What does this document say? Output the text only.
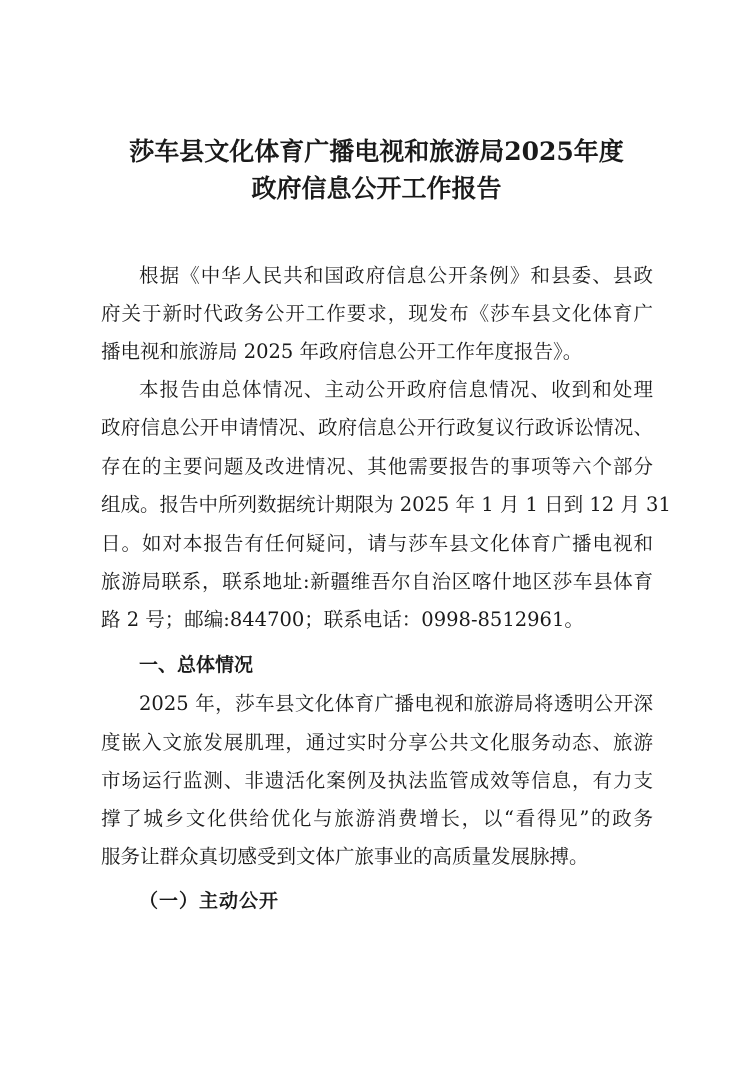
莎车县文化体育广播电视和旅游局2025年度
政府信息公开工作报告

根据《中华人民共和国政府信息公开条例》和县委、县政

府关于新时代政务公开工作要求，现发布《莎车县文化体育广

播电视和旅游局 2025 年政府信息公开工作年度报告》。

本报告由总体情况、主动公开政府信息情况、收到和处理

政府信息公开申请情况、政府信息公开行政复议行政诉讼情况、

存在的主要问题及改进情况、其他需要报告的事项等六个部分

组成。报告中所列数据统计期限为 2025 年 1 月 1 日到 12 月 31

日。如对本报告有任何疑问，请与莎车县文化体育广播电视和

旅游局联系，联系地址:新疆维吾尔自治区喀什地区莎车县体育

路 2 号；邮编:844700；联系电话：0998-8512961。

一、总体情况

2025 年，莎车县文化体育广播电视和旅游局将透明公开深

度嵌入文旅发展肌理，通过实时分享公共文化服务动态、旅游

市场运行监测、非遗活化案例及执法监管成效等信息，有力支

撑了城乡文化供给优化与旅游消费增长，以“看得见”的政务

服务让群众真切感受到文体广旅事业的高质量发展脉搏。

（一）主动公开
